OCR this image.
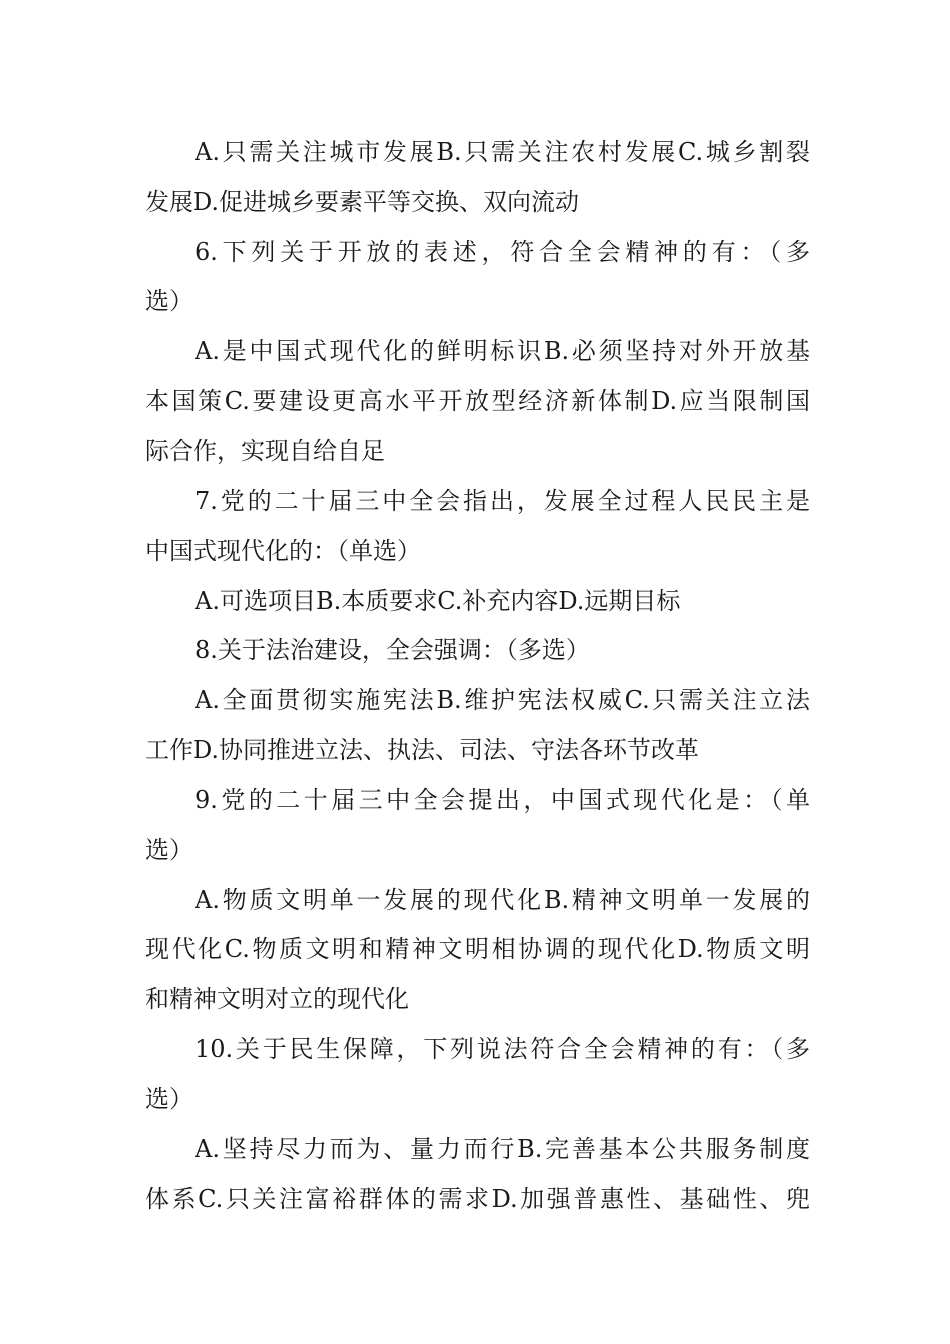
A.只需关注城市发展B.只需关注农村发展C.城乡割裂
发展D.促进城乡要素平等交换、双向流动
6.下列关于开放的表述，符合全会精神的有：（多
选）
A.是中国式现代化的鲜明标识B.必须坚持对外开放基
本国策C.要建设更高水平开放型经济新体制D.应当限制国
际合作，实现自给自足
7.党的二十届三中全会指出，发展全过程人民民主是
中国式现代化的：（单选）
A.可选项目B.本质要求C.补充内容D.远期目标
8.关于法治建设，全会强调：（多选）
A.全面贯彻实施宪法B.维护宪法权威C.只需关注立法
工作D.协同推进立法、执法、司法、守法各环节改革
9.党的二十届三中全会提出，中国式现代化是：（单
选）
A.物质文明单一发展的现代化B.精神文明单一发展的
现代化C.物质文明和精神文明相协调的现代化D.物质文明
和精神文明对立的现代化
10.关于民生保障，下列说法符合全会精神的有：（多
选）
A.坚持尽力而为、量力而行B.完善基本公共服务制度
体系C.只关注富裕群体的需求D.加强普惠性、基础性、兜
